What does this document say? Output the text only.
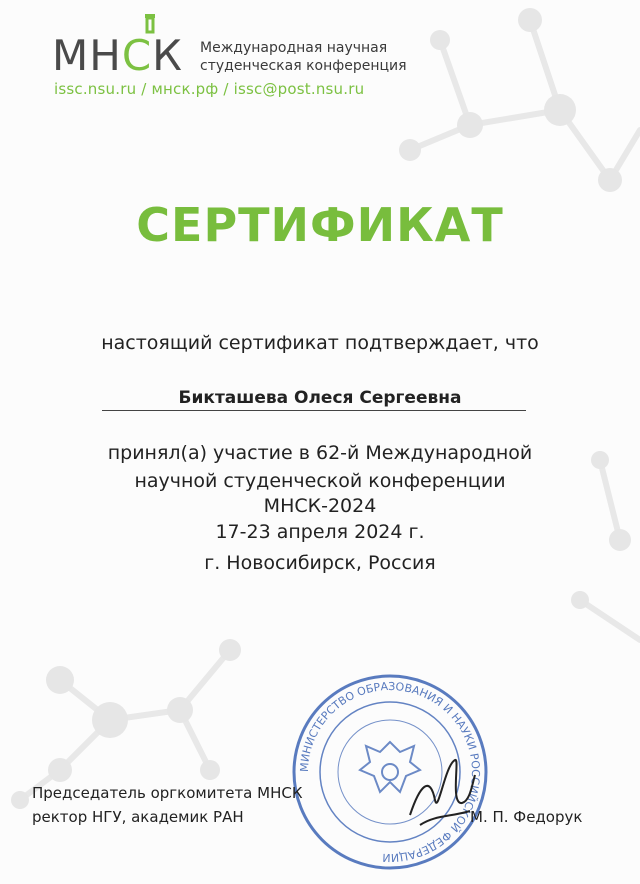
МНСК Международная научная
студенческая конференция
issc.nsu.ru / мнск.рф / issc@post.nsu.ru
СЕРТИФИКАТ
настоящий сертификат подтверждает, что
Бикташева Олеся Сергеевна
принял(а) участие в 62-й Международной
научной студенческой конференции
МНСК-2024
17-23 апреля 2024 г.
г. Новосибирск, Россия
МИНИСТЕРСТВО ОБРАЗОВАНИЯ И НАУКИ РОССИЙСКОЙ ФЕДЕРАЦИИ
Председатель оргкомитета МНСК
ректор НГУ, академик РАН	М. П. Федорук
